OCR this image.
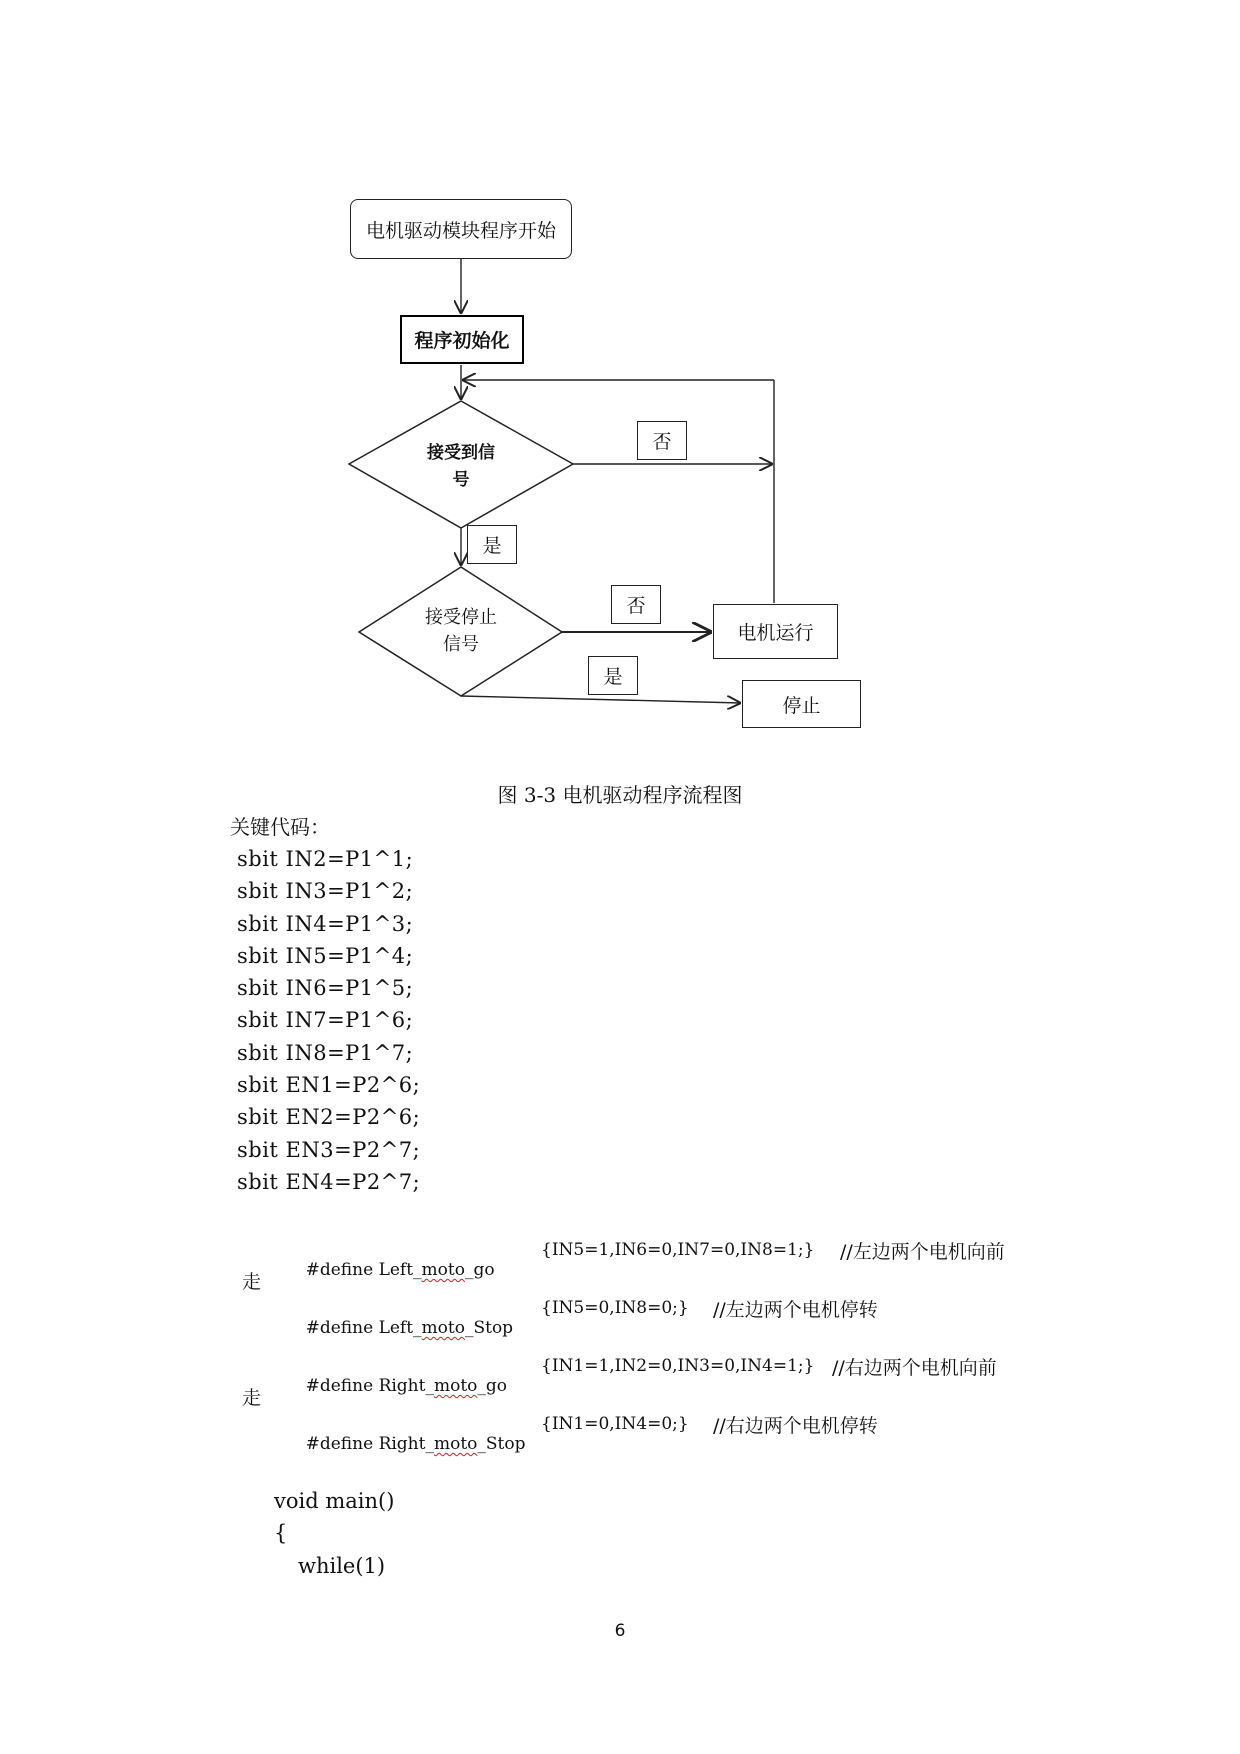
电机驱动模块程序开始
程序初始化
接受到信
号
否
是
接受停止
信号
否
电机运行
是
停止
图 3-3 电机驱动程序流程图
关键代码：
sbit IN2=P1^1;
sbit IN3=P1^2;
sbit IN4=P1^3;
sbit IN5=P1^4;
sbit IN6=P1^5;
sbit IN7=P1^6;
sbit IN8=P1^7;
sbit EN1=P2^6;
sbit EN2=P2^6;
sbit EN3=P2^7;
sbit EN4=P2^7;

#define Left_moto_go

{IN5=1,IN6=0,IN7=0,IN8=1;} //左边两个电机向前
走

#define Left_moto_Stop

{IN5=0,IN8=0;} //左边两个电机停转

#define Right_moto_go

{IN1=1,IN2=0,IN3=0,IN4=1;} //右边两个电机向前
走

#define Right_moto_Stop

{IN1=0,IN4=0;} //右边两个电机停转
void main()
{
while(1)
6
